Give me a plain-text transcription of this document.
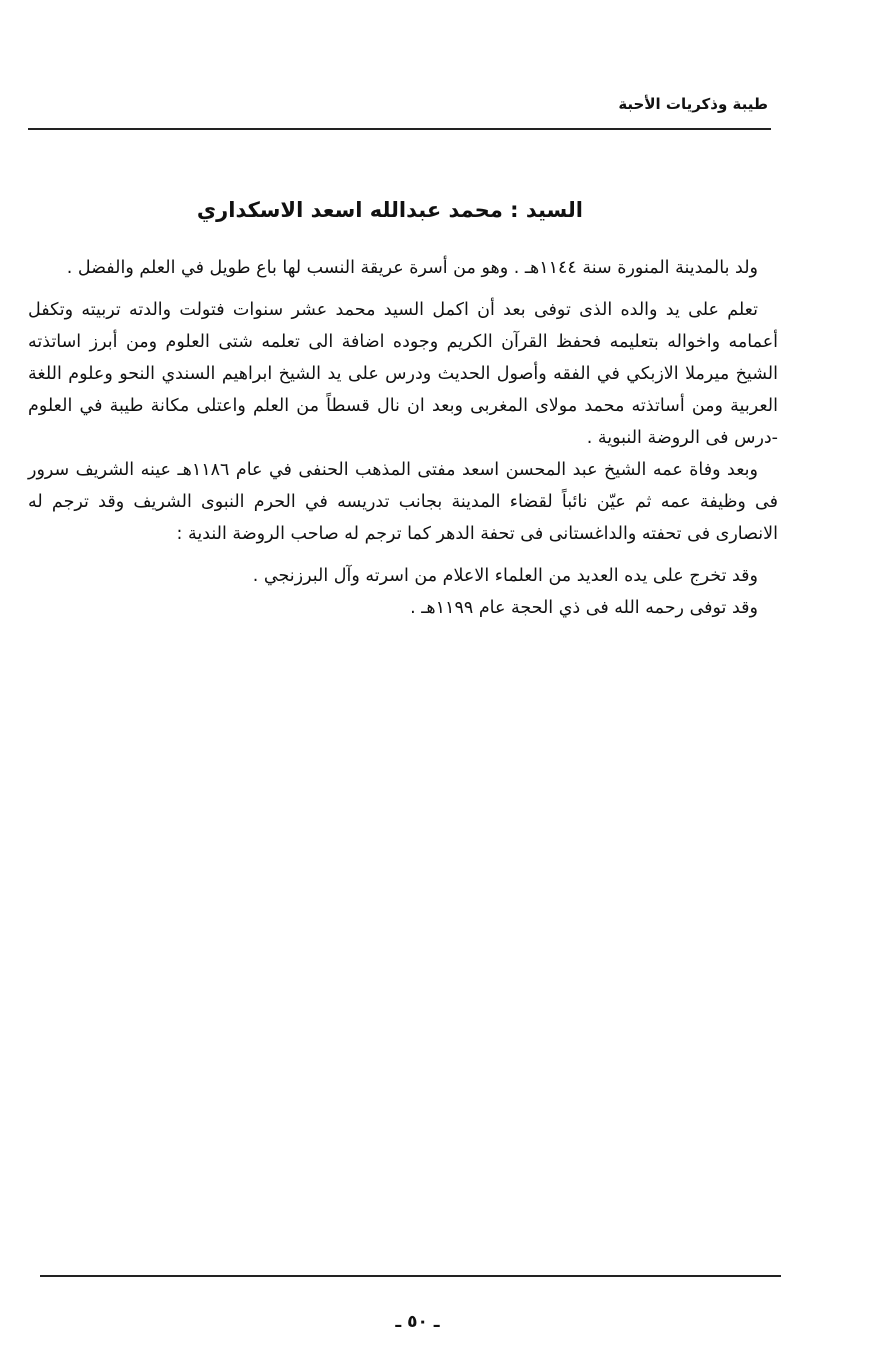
طيبة وذكريات الأحبة
السيد : محمد عبدالله اسعد الاسكداري

ولد بالمدينة المنورة سنة ١١٤٤هـ . وهو من أسرة عريقة النسب لها باع طويل في العلم والفضل .

تعلم على يد والده الذى توفى بعد أن اكمل السيد محمد عشر سنوات فتولت والدته تربيته وتكفل أعمامه واخواله بتعليمه فحفظ القرآن الكريم وجوده اضافة الى تعلمه شتى العلوم ومن أبرز اساتذته الشيخ ميرملا الازبكي في الفقه وأصول الحديث ودرس على يد الشيخ ابراهيم السندي النحو وعلوم اللغة العربية ومن أساتذته محمد مولاى المغربى وبعد ان نال قسطاً من العلم واعتلى مكانة طيبة في العلوم -درس فى الروضة النبوية .

وبعد وفاة عمه الشيخ عبد المحسن اسعد مفتى المذهب الحنفى في عام ١١٨٦هـ عينه الشريف سرور فى وظيفة عمه ثم عيّن نائباً لقضاء المدينة بجانب تدريسه في الحرم النبوى الشريف وقد ترجم له الانصارى فى تحفته والداغستانى فى تحفة الدهر كما ترجم له صاحب الروضة الندية :

وقد تخرج على يده العديد من العلماء الاعلام من اسرته وآل البرزنجي .

وقد توفى رحمه الله فى ذي الحجة عام ١١٩٩هـ .

ـ ٥٠ ـ
